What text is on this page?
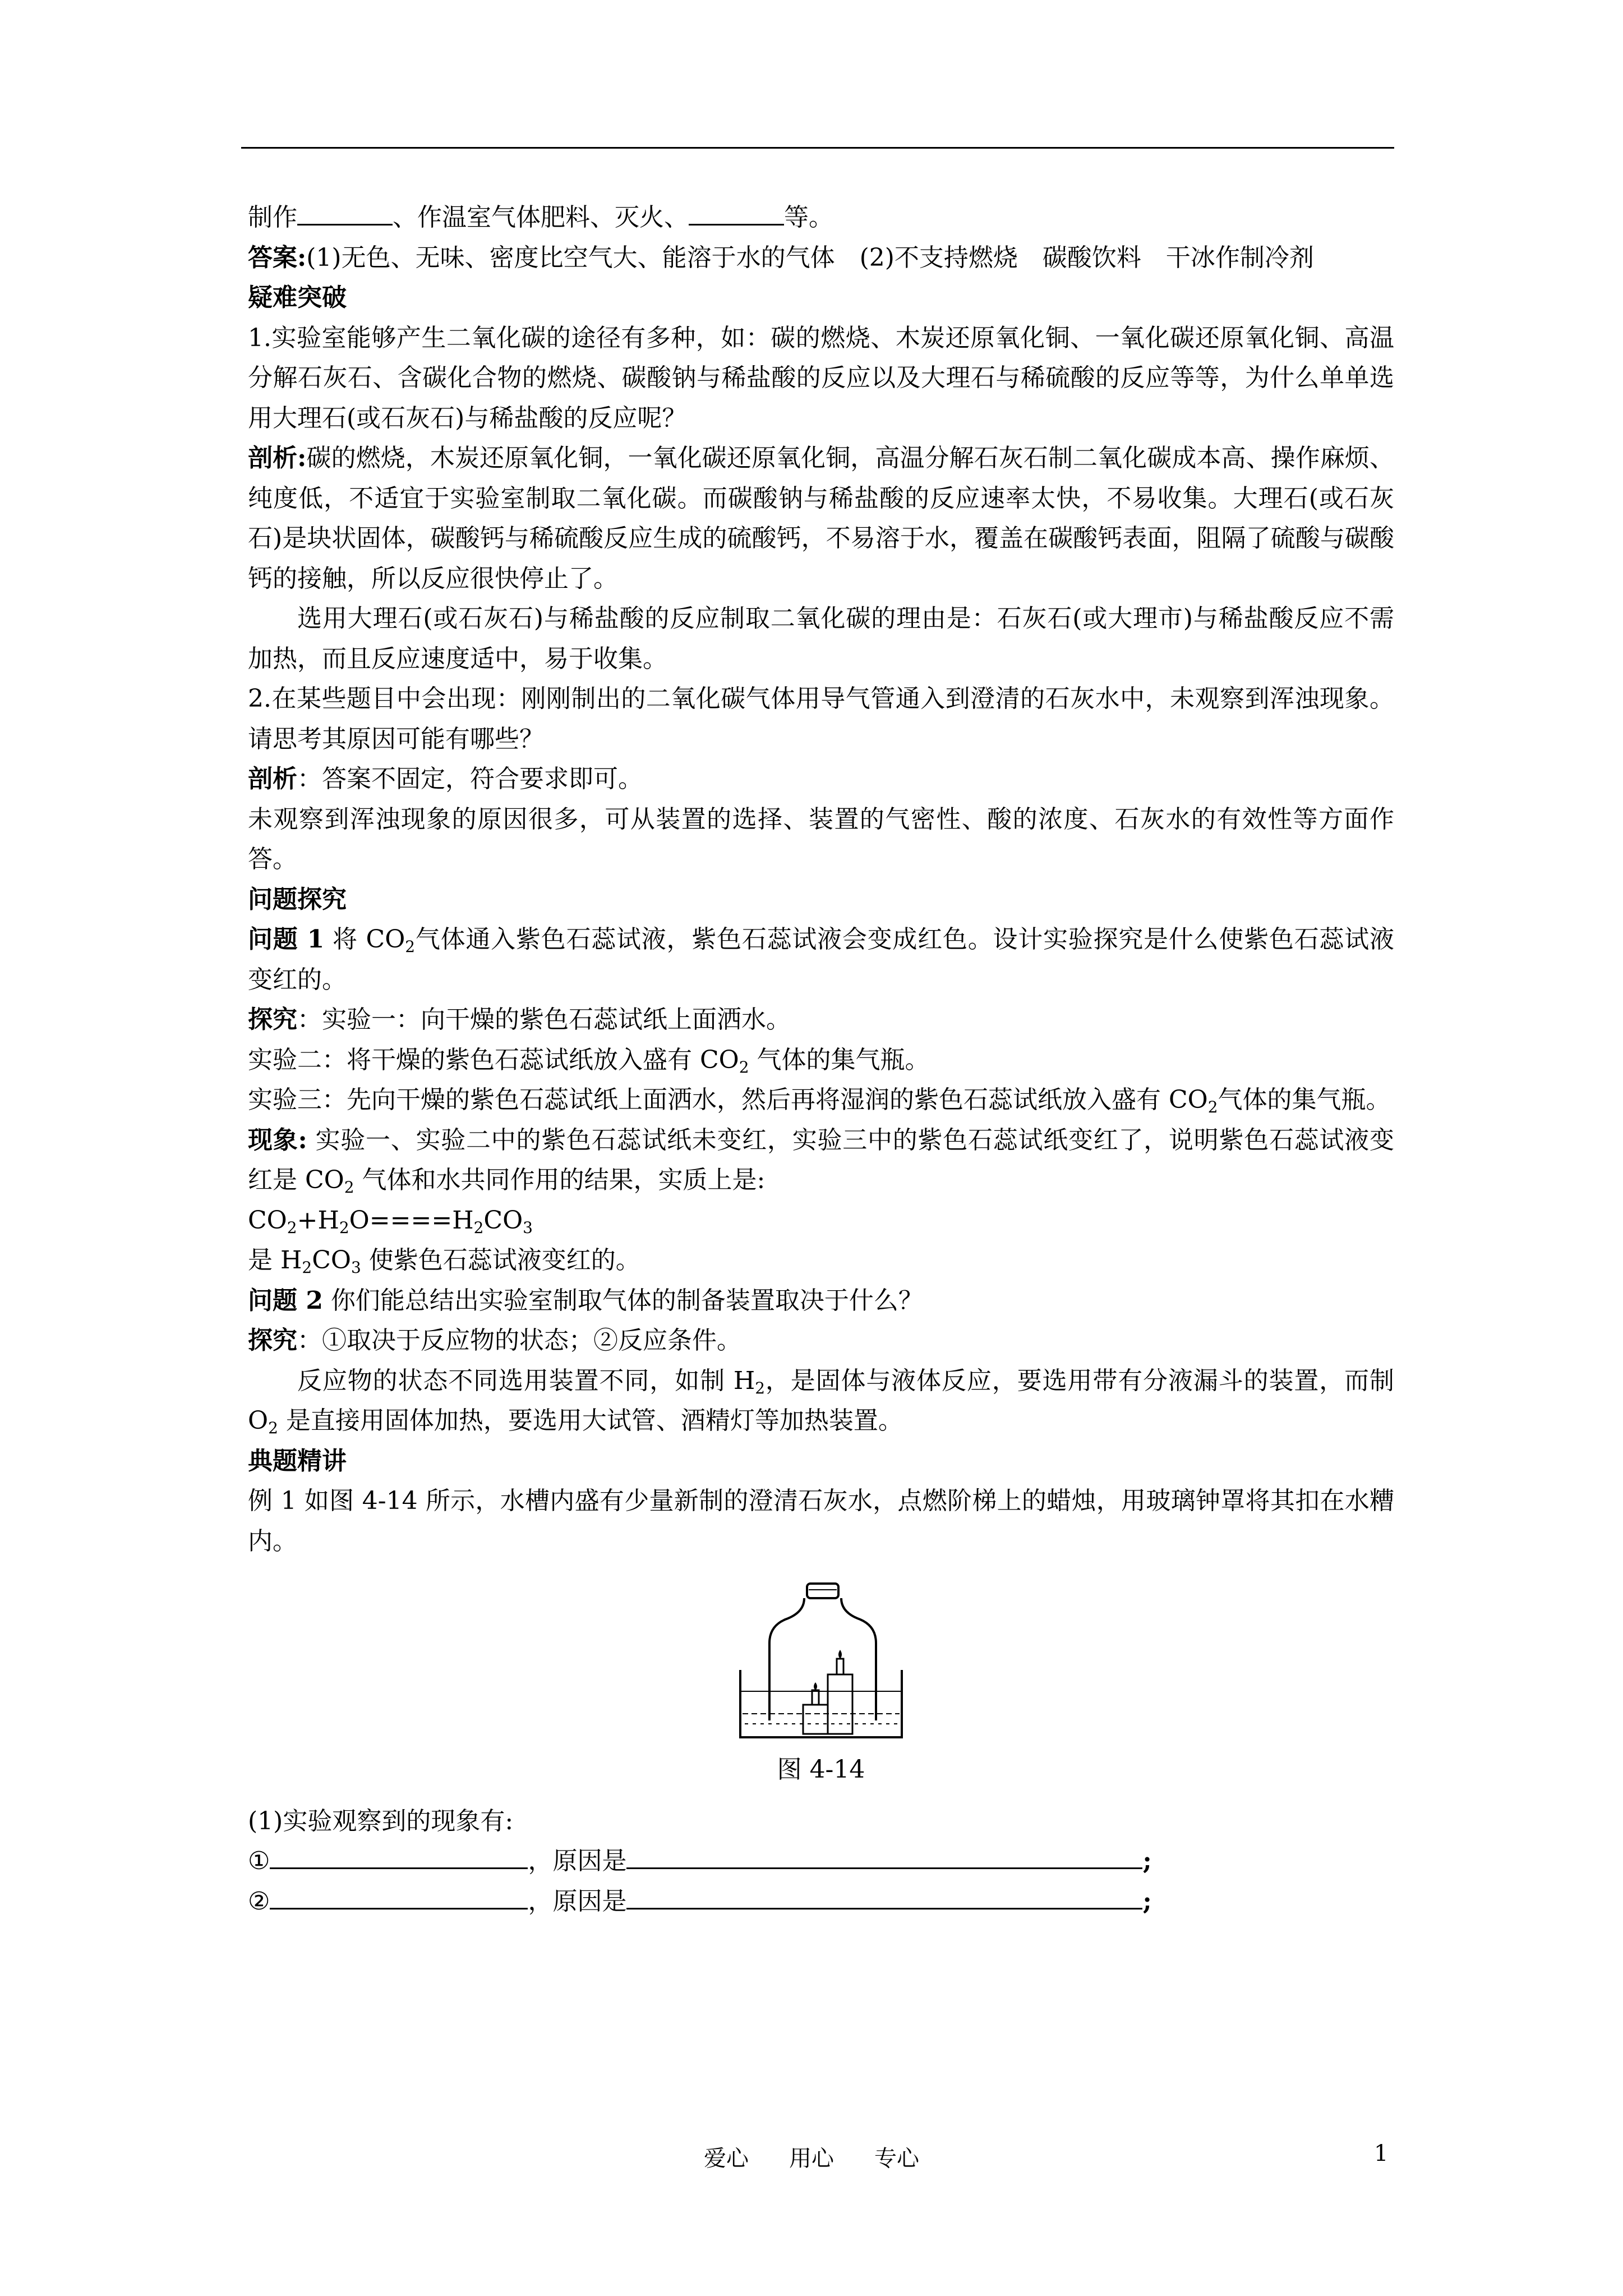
制作	、作温室气体肥料、灭火、	等。

答案:(1)无色、无味、密度比空气大、能溶于水的气体　(2)不支持燃烧　碳酸饮料　干冰作制冷剂

疑难突破

1.实验室能够产生二氧化碳的途径有多种，如：碳的燃烧、木炭还原氧化铜、一氧化碳还原氧化铜、高温分解石灰石、含碳化合物的燃烧、碳酸钠与稀盐酸的反应以及大理石与稀硫酸的反应等等，为什么单单选用大理石(或石灰石)与稀盐酸的反应呢？

剖析:碳的燃烧，木炭还原氧化铜，一氧化碳还原氧化铜，高温分解石灰石制二氧化碳成本高、操作麻烦、纯度低，不适宜于实验室制取二氧化碳。而碳酸钠与稀盐酸的反应速率太快，不易收集。大理石(或石灰石)是块状固体，碳酸钙与稀硫酸反应生成的硫酸钙，不易溶于水，覆盖在碳酸钙表面，阻隔了硫酸与碳酸钙的接触，所以反应很快停止了。

选用大理石(或石灰石)与稀盐酸的反应制取二氧化碳的理由是：石灰石(或大理市)与稀盐酸反应不需加热，而且反应速度适中，易于收集。

2.在某些题目中会出现：刚刚制出的二氧化碳气体用导气管通入到澄清的石灰水中，未观察到浑浊现象。请思考其原因可能有哪些？

剖析：答案不固定，符合要求即可。

未观察到浑浊现象的原因很多，可从装置的选择、装置的气密性、酸的浓度、石灰水的有效性等方面作答。

问题探究

问题 1 将 $CO_2$气体通入紫色石蕊试液，紫色石蕊试液会变成红色。设计实验探究是什么使紫色石蕊试液变红的。

探究：实验一：向干燥的紫色石蕊试纸上面洒水。

实验二：将干燥的紫色石蕊试纸放入盛有 $CO_2$ 气体的集气瓶。

实验三：先向干燥的紫色石蕊试纸上面洒水，然后再将湿润的紫色石蕊试纸放入盛有 $CO_2$气体的集气瓶。

现象: 实验一、实验二中的紫色石蕊试纸未变红，实验三中的紫色石蕊试纸变红了，说明紫色石蕊试液变红是 $CO_2$ 气体和水共同作用的结果，实质上是:

$CO_2+H_2O====H_2CO_3$

是 $H_2CO_3$ 使紫色石蕊试液变红的。

问题 2 你们能总结出实验室制取气体的制备装置取决于什么？

探究：①取决于反应物的状态；②反应条件。

反应物的状态不同选用装置不同，如制 $H_2$，是固体与液体反应，要选用带有分液漏斗的装置，而制 $O_2$ 是直接用固体加热，要选用大试管、酒精灯等加热装置。

典题精讲

例 1 如图 4-14 所示，水槽内盛有少量新制的澄清石灰水，点燃阶梯上的蜡烛，用玻璃钟罩将其扣在水糟内。

图 4-14

(1)实验观察到的现象有:

①	，原因是	;

②	，原因是	;

爱心 用心 专心	1
